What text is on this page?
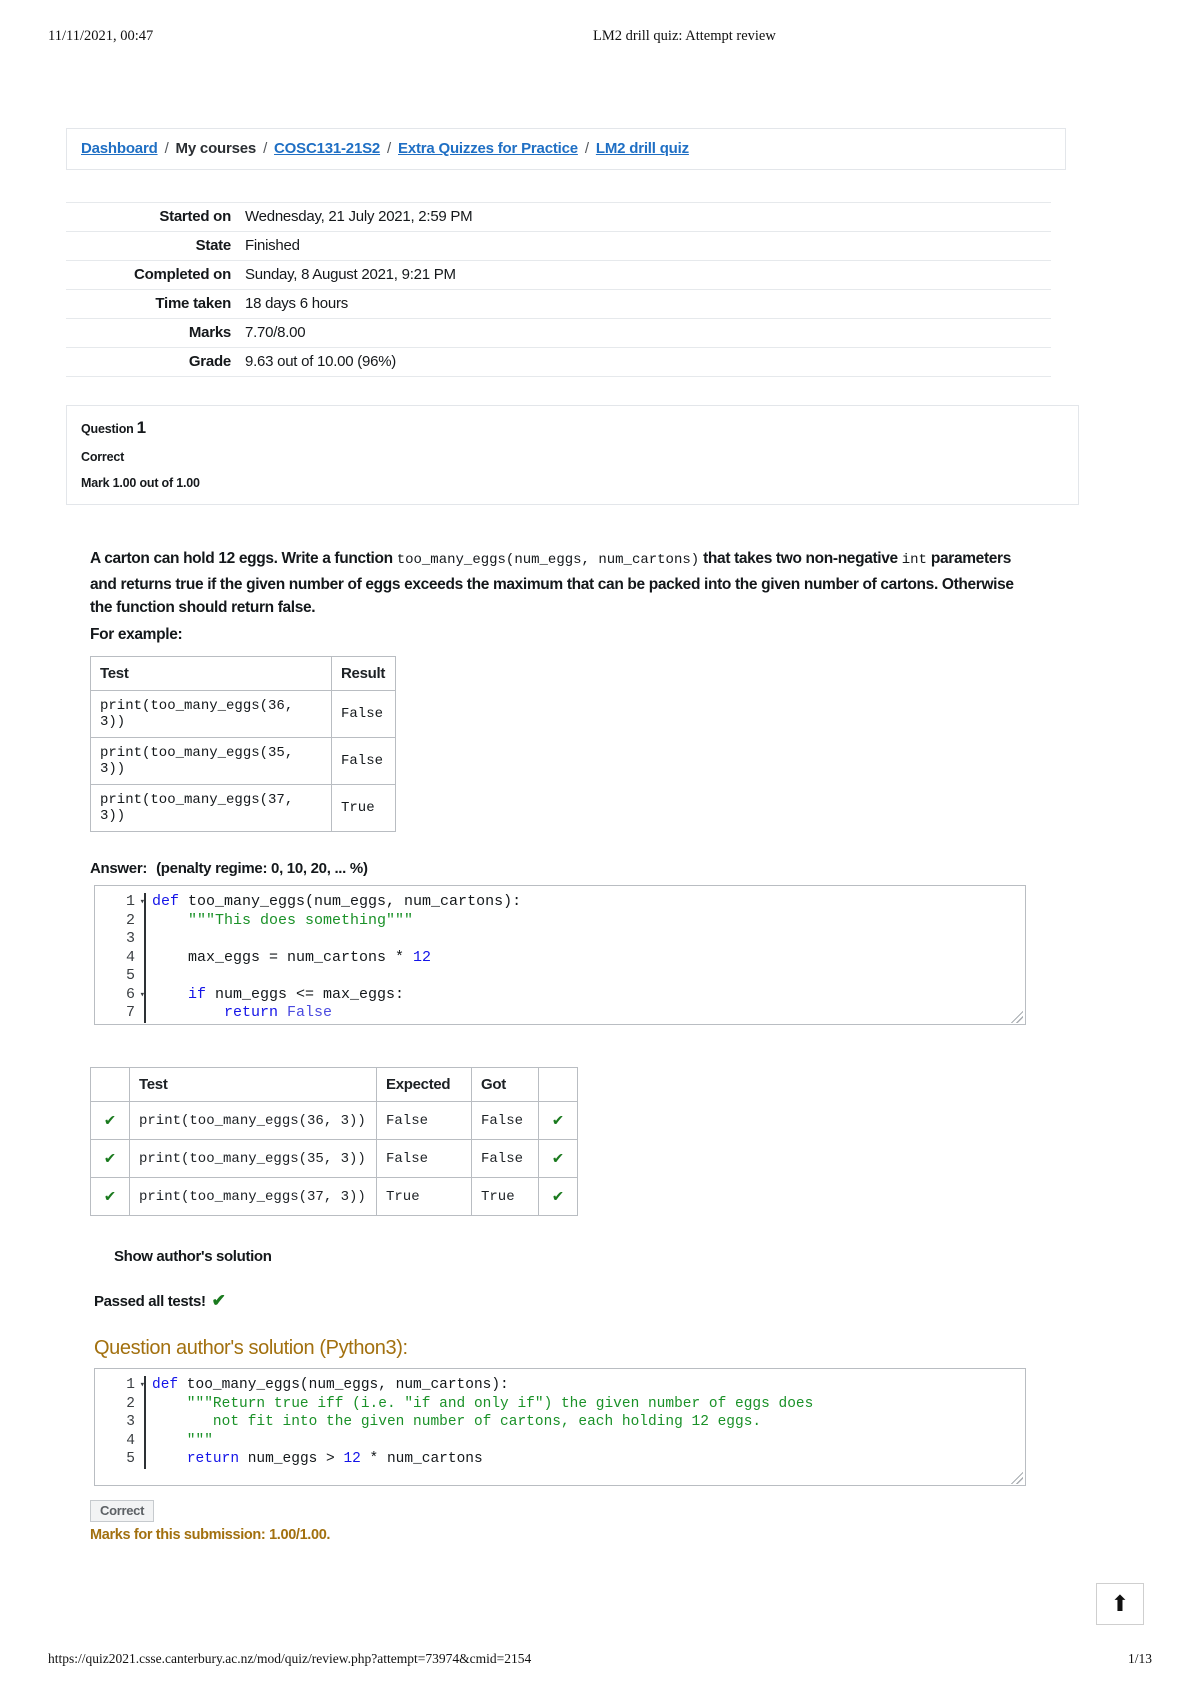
11/11/2021, 00:47	LM2 drill quiz: Attempt review
Dashboard / My courses / COSC131-21S2 / Extra Quizzes for Practice / LM2 drill quiz
Started on	Wednesday, 21 July 2021, 2:59 PM
State	Finished
Completed on	Sunday, 8 August 2021, 9:21 PM
Time taken	18 days 6 hours
Marks	7.70/8.00
Grade	9.63 out of 10.00 (96%)
Question 1
Correct
Mark 1.00 out of 1.00
A carton can hold 12 eggs. Write a function too_many_eggs(num_eggs, num_cartons) that takes two non-negative int parameters and returns true if the given number of eggs exceeds the maximum that can be packed into the given number of cartons. Otherwise the function should return false.
For example:
Test	Result
print(too_many_eggs(36, 3))	False
print(too_many_eggs(35, 3))	False
print(too_many_eggs(37, 3))	True
Answer: (penalty regime: 0, 10, 20, ... %)
1 ▾
2
3
4
5
6 ▾
7
def too_many_eggs(num_eggs, num_cartons):
"""This does something"""

max_eggs = num_cartons * 12

if num_eggs <= max_eggs:
return False
	Test	Expected	Got	
✔	print(too_many_eggs(36, 3))	False	False	✔
✔	print(too_many_eggs(35, 3))	False	False	✔
✔	print(too_many_eggs(37, 3))	True	True	✔
Show author's solution
Passed all tests! ✔
Question author's solution (Python3):
1 ▾
2
3
4
5
def too_many_eggs(num_eggs, num_cartons):
"""Return true iff (i.e. "if and only if") the given number of eggs does
not fit into the given number of cartons, each holding 12 eggs.
"""
return num_eggs > 12 * num_cartons
Correct
Marks for this submission: 1.00/1.00.
⬆
https://quiz2021.csse.canterbury.ac.nz/mod/quiz/review.php?attempt=73974&cmid=2154	1/13
